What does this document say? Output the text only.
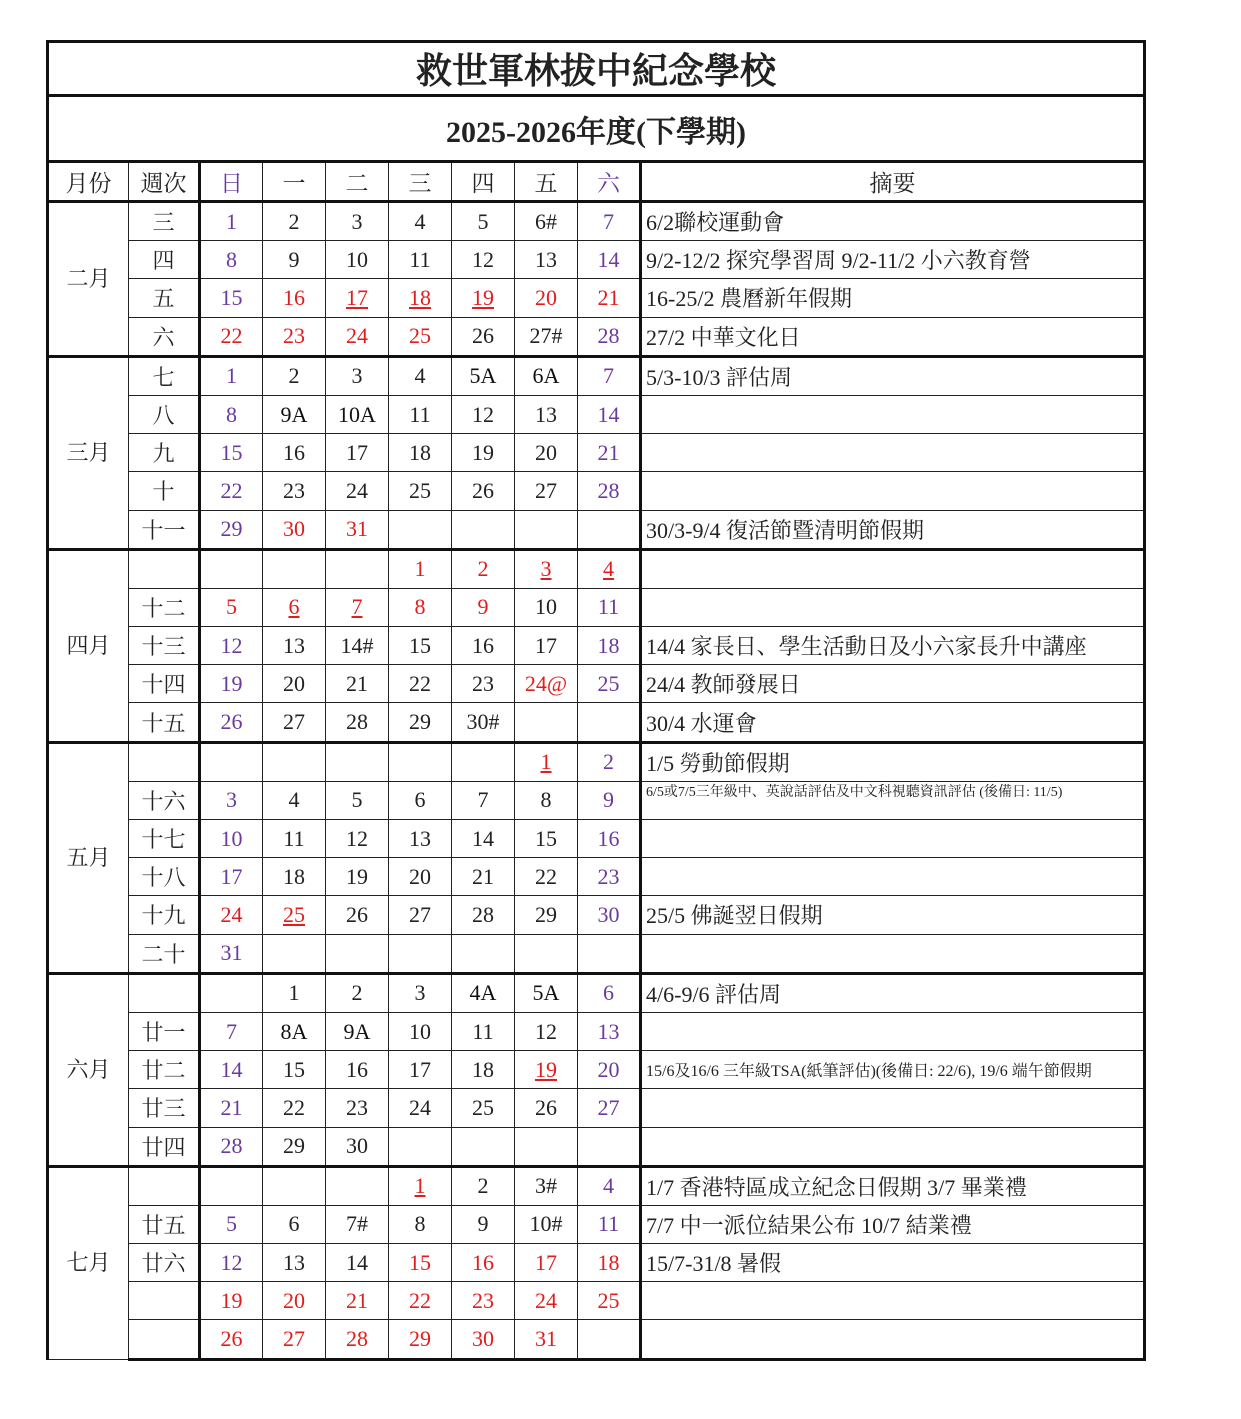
救世軍林拔中紀念學校									
2025-2026年度(下學期)									
月份	週次	日	一	二	三	四	五	六	摘要
二月	三	1	2	3	4	5	6#	7	6/2聯校運動會
	四	8	9	10	11	12	13	14	9/2-12/2 探究學習周 9/2-11/2 小六教育營
	五	15	16	17	18	19	20	21	16-25/2 農曆新年假期
	六	22	23	24	25	26	27#	28	27/2 中華文化日
三月	七	1	2	3	4	5A	6A	7	5/3-10/3 評估周
	八	8	9A	10A	11	12	13	14	
	九	15	16	17	18	19	20	21	
	十	22	23	24	25	26	27	28	
	十一	29	30	31					30/3-9/4 復活節暨清明節假期
四月					1	2	3	4	
	十二	5	6	7	8	9	10	11	
	十三	12	13	14#	15	16	17	18	14/4 家長日、學生活動日及小六家長升中講座
	十四	19	20	21	22	23	24@	25	24/4 教師發展日
	十五	26	27	28	29	30#			30/4 水運會
五月							1	2	1/5 勞動節假期
	十六	3	4	5	6	7	8	9	6/5或7/5三年級中、英說話評估及中文科視聽資訊評估 (後備日: 11/5)
	十七	10	11	12	13	14	15	16	
	十八	17	18	19	20	21	22	23	
	十九	24	25	26	27	28	29	30	25/5 佛誕翌日假期
	二十	31							
六月			1	2	3	4A	5A	6	4/6-9/6 評估周
	廿一	7	8A	9A	10	11	12	13	
	廿二	14	15	16	17	18	19	20	15/6及16/6 三年級TSA(紙筆評估)(後備日: 22/6), 19/6 端午節假期
	廿三	21	22	23	24	25	26	27	
	廿四	28	29	30					
七月					1	2	3#	4	1/7 香港特區成立紀念日假期 3/7 畢業禮
	廿五	5	6	7#	8	9	10#	11	7/7 中一派位結果公布 10/7 結業禮
	廿六	12	13	14	15	16	17	18	15/7-31/8 暑假
		19	20	21	22	23	24	25	
		26	27	28	29	30	31		
